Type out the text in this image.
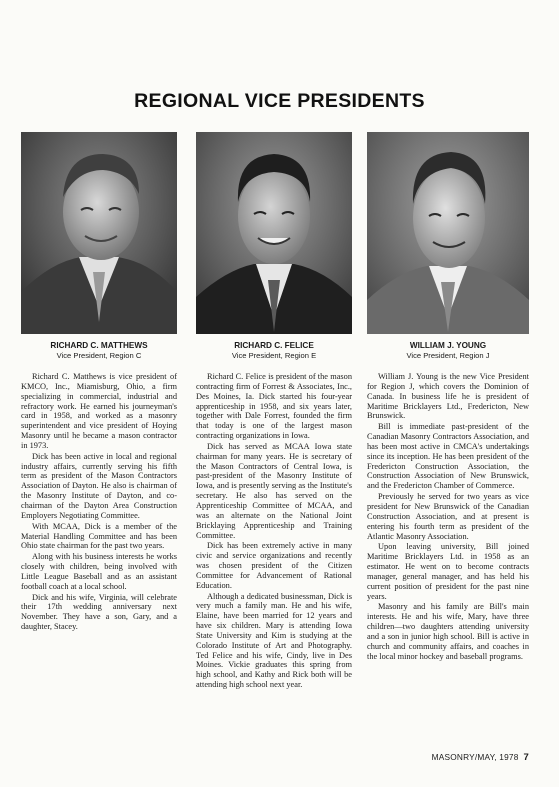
REGIONAL VICE PRESIDENTS
RICHARD C. MATTHEWS
Vice President, Region C

Richard C. Matthews is vice president of KMCO, Inc., Miamisburg, Ohio, a firm specializing in commercial, industrial and refractory work. He earned his journeyman's card in 1958, and worked as a masonry superintendent and vice president of Hoying Masonry until he became a mason contractor in 1973.

Dick has been active in local and regional industry affairs, currently serving his fifth term as president of the Mason Contractors Association of Dayton. He also is chairman of the Masonry Institute of Dayton, and co-chairman of the Dayton Area Construction Employers Negotiating Committee.

With MCAA, Dick is a member of the Material Handling Committee and has been Ohio state chairman for the past two years.

Along with his business interests he works closely with children, being involved with Little League Baseball and as an assistant football coach at a local school.

Dick and his wife, Virginia, will celebrate their 17th wedding anniversary next November. They have a son, Gary, and a daughter, Stacey.

RICHARD C. FELICE
Vice President, Region E

Richard C. Felice is president of the mason contracting firm of Forrest & Associates, Inc., Des Moines, Ia. Dick started his four-year apprenticeship in 1958, and six years later, together with Dale Forrest, founded the firm that today is one of the largest mason contracting organizations in Iowa.

Dick has served as MCAA Iowa state chairman for many years. He is secretary of the Mason Contractors of Central Iowa, is past-president of the Masonry Institute of Iowa, and is presently serving as the Institute's secretary. He also has served on the Apprenticeship Committee of MCAA, and was an alternate on the National Joint Bricklaying Apprenticeship and Training Committee.

Dick has been extremely active in many civic and service organizations and recently was chosen president of the Citizen Committee for Advancement of Rational Education.

Although a dedicated businessman, Dick is very much a family man. He and his wife, Elaine, have been married for 12 years and have six children. Mary is attending Iowa State University and Kim is studying at the Colorado Institute of Art and Photography. Ted Felice and his wife, Cindy, live in Des Moines. Vickie graduates this spring from high school, and Kathy and Rick both will be attending high school next year.

WILLIAM J. YOUNG
Vice President, Region J

William J. Young is the new Vice President for Region J, which covers the Dominion of Canada. In business life he is president of Maritime Bricklayers Ltd., Fredericton, New Brunswick.

Bill is immediate past-president of the Canadian Masonry Contractors Association, and has been most active in CMCA's undertakings since its inception. He has been president of the Fredericton Construction Association, the Construction Association of New Brunswick, and the Fredericton Chamber of Commerce.

Previously he served for two years as vice president for New Brunswick of the Canadian Construction Association, and at present is entering his fourth term as president of the Atlantic Masonry Association.

Upon leaving university, Bill joined Maritime Bricklayers Ltd. in 1958 as an estimator. He went on to become contracts manager, general manager, and has held his current position of president for the past nine years.

Masonry and his family are Bill's main interests. He and his wife, Mary, have three children—two daughters attending university and a son in junior high school. Bill is active in church and community affairs, and coaches in the local minor hockey and baseball programs.

MASONRY/MAY, 1978 7
